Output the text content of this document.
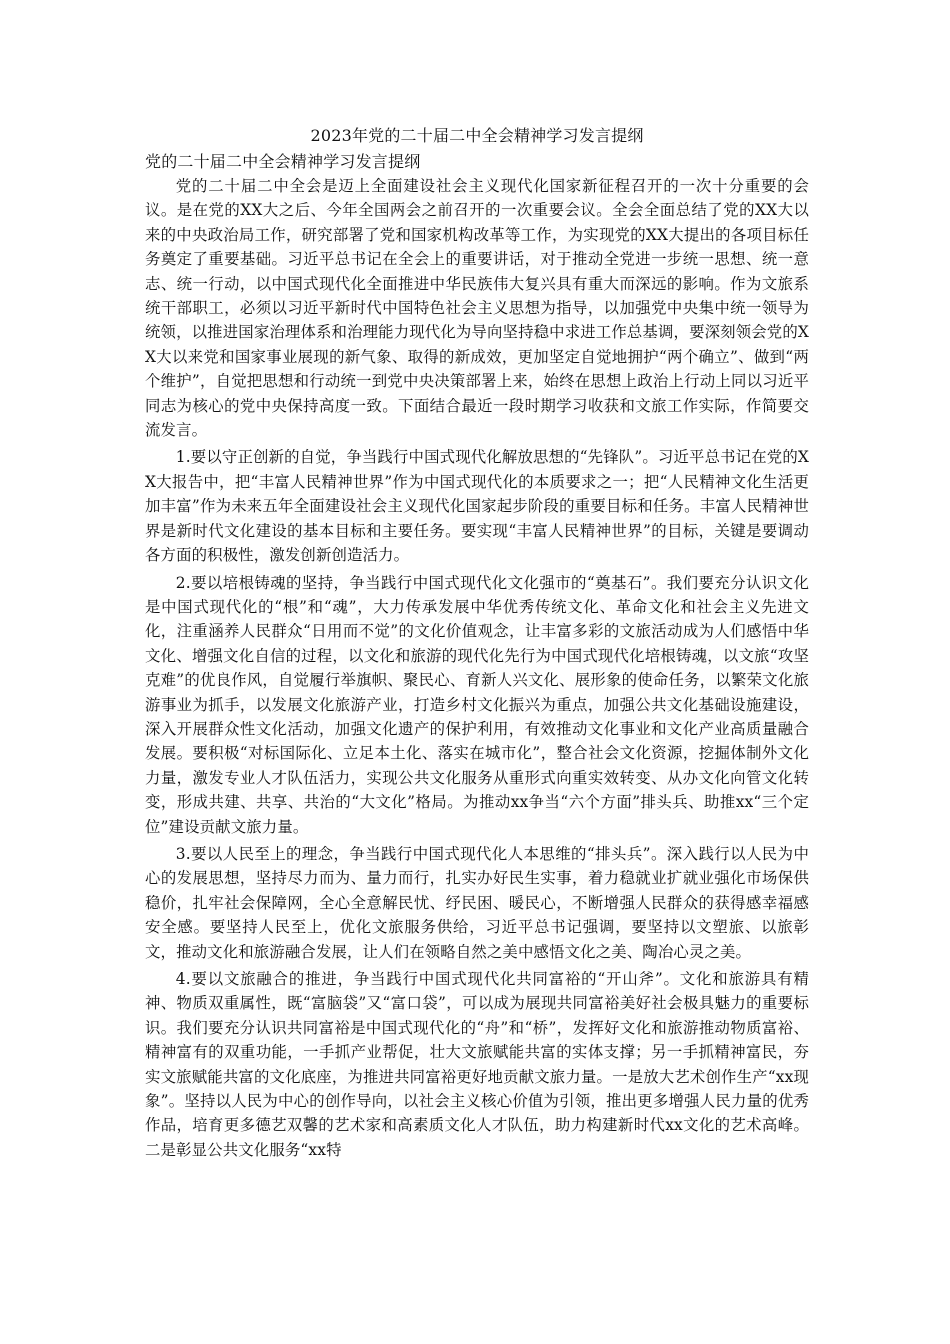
2023年党的二十届二中全会精神学习发言提纲
党的二十届二中全会精神学习发言提纲

党的二十届二中全会是迈上全面建设社会主义现代化国家新征程召开的一次十分重要的会议。是在党的XX大之后、今年全国两会之前召开的一次重要会议。全会全面总结了党的XX大以来的中央政治局工作，研究部署了党和国家机构改革等工作，为实现党的XX大提出的各项目标任务奠定了重要基础。习近平总书记在全会上的重要讲话，对于推动全党进一步统一思想、统一意志、统一行动，以中国式现代化全面推进中华民族伟大复兴具有重大而深远的影响。作为文旅系统干部职工，必须以习近平新时代中国特色社会主义思想为指导，以加强党中央集中统一领导为统领，以推进国家治理体系和治理能力现代化为导向坚持稳中求进工作总基调，要深刻领会党的XX大以来党和国家事业展现的新气象、取得的新成效，更加坚定自觉地拥护“两个确立”、做到“两个维护”，自觉把思想和行动统一到党中央决策部署上来，始终在思想上政治上行动上同以习近平同志为核心的党中央保持高度一致。下面结合最近一段时期学习收获和文旅工作实际，作简要交流发言。

1.要以守正创新的自觉，争当践行中国式现代化解放思想的“先锋队”。习近平总书记在党的XX大报告中，把“丰富人民精神世界”作为中国式现代化的本质要求之一；把“人民精神文化生活更加丰富”作为未来五年全面建设社会主义现代化国家起步阶段的重要目标和任务。丰富人民精神世界是新时代文化建设的基本目标和主要任务。要实现“丰富人民精神世界”的目标，关键是要调动各方面的积极性，激发创新创造活力。

2.要以培根铸魂的坚持，争当践行中国式现代化文化强市的“奠基石”。我们要充分认识文化是中国式现代化的“根”和“魂”，大力传承发展中华优秀传统文化、革命文化和社会主义先进文化，注重涵养人民群众“日用而不觉”的文化价值观念，让丰富多彩的文旅活动成为人们感悟中华文化、增强文化自信的过程，以文化和旅游的现代化先行为中国式现代化培根铸魂，以文旅“攻坚克难”的优良作风，自觉履行举旗帜、聚民心、育新人兴文化、展形象的使命任务，以繁荣文化旅游事业为抓手，以发展文化旅游产业，打造乡村文化振兴为重点，加强公共文化基础设施建设，深入开展群众性文化活动，加强文化遗产的保护利用，有效推动文化事业和文化产业高质量融合发展。要积极“对标国际化、立足本土化、落实在城市化”，整合社会文化资源，挖掘体制外文化力量，激发专业人才队伍活力，实现公共文化服务从重形式向重实效转变、从办文化向管文化转变，形成共建、共享、共治的“大文化”格局。为推动xx争当“六个方面”排头兵、助推xx“三个定位”建设贡献文旅力量。

3.要以人民至上的理念，争当践行中国式现代化人本思维的“排头兵”。深入践行以人民为中心的发展思想，坚持尽力而为、量力而行，扎实办好民生实事，着力稳就业扩就业强化市场保供稳价，扎牢社会保障网，全心全意解民忧、纾民困、暖民心，不断增强人民群众的获得感幸福感安全感。要坚持人民至上，优化文旅服务供给，习近平总书记强调，要坚持以文塑旅、以旅彰文，推动文化和旅游融合发展，让人们在领略自然之美中感悟文化之美、陶冶心灵之美。

4.要以文旅融合的推进，争当践行中国式现代化共同富裕的“开山斧”。文化和旅游具有精神、物质双重属性，既“富脑袋”又“富口袋”，可以成为展现共同富裕美好社会极具魅力的重要标识。我们要充分认识共同富裕是中国式现代化的“舟”和“桥”，发挥好文化和旅游推动物质富裕、精神富有的双重功能，一手抓产业帮促，壮大文旅赋能共富的实体支撑；另一手抓精神富民，夯实文旅赋能共富的文化底座，为推进共同富裕更好地贡献文旅力量。一是放大艺术创作生产“xx现象”。坚持以人民为中心的创作导向，以社会主义核心价值为引领，推出更多增强人民力量的优秀作品，培育更多德艺双馨的艺术家和高素质文化人才队伍，助力构建新时代xx文化的艺术高峰。二是彰显公共文化服务“xx特
